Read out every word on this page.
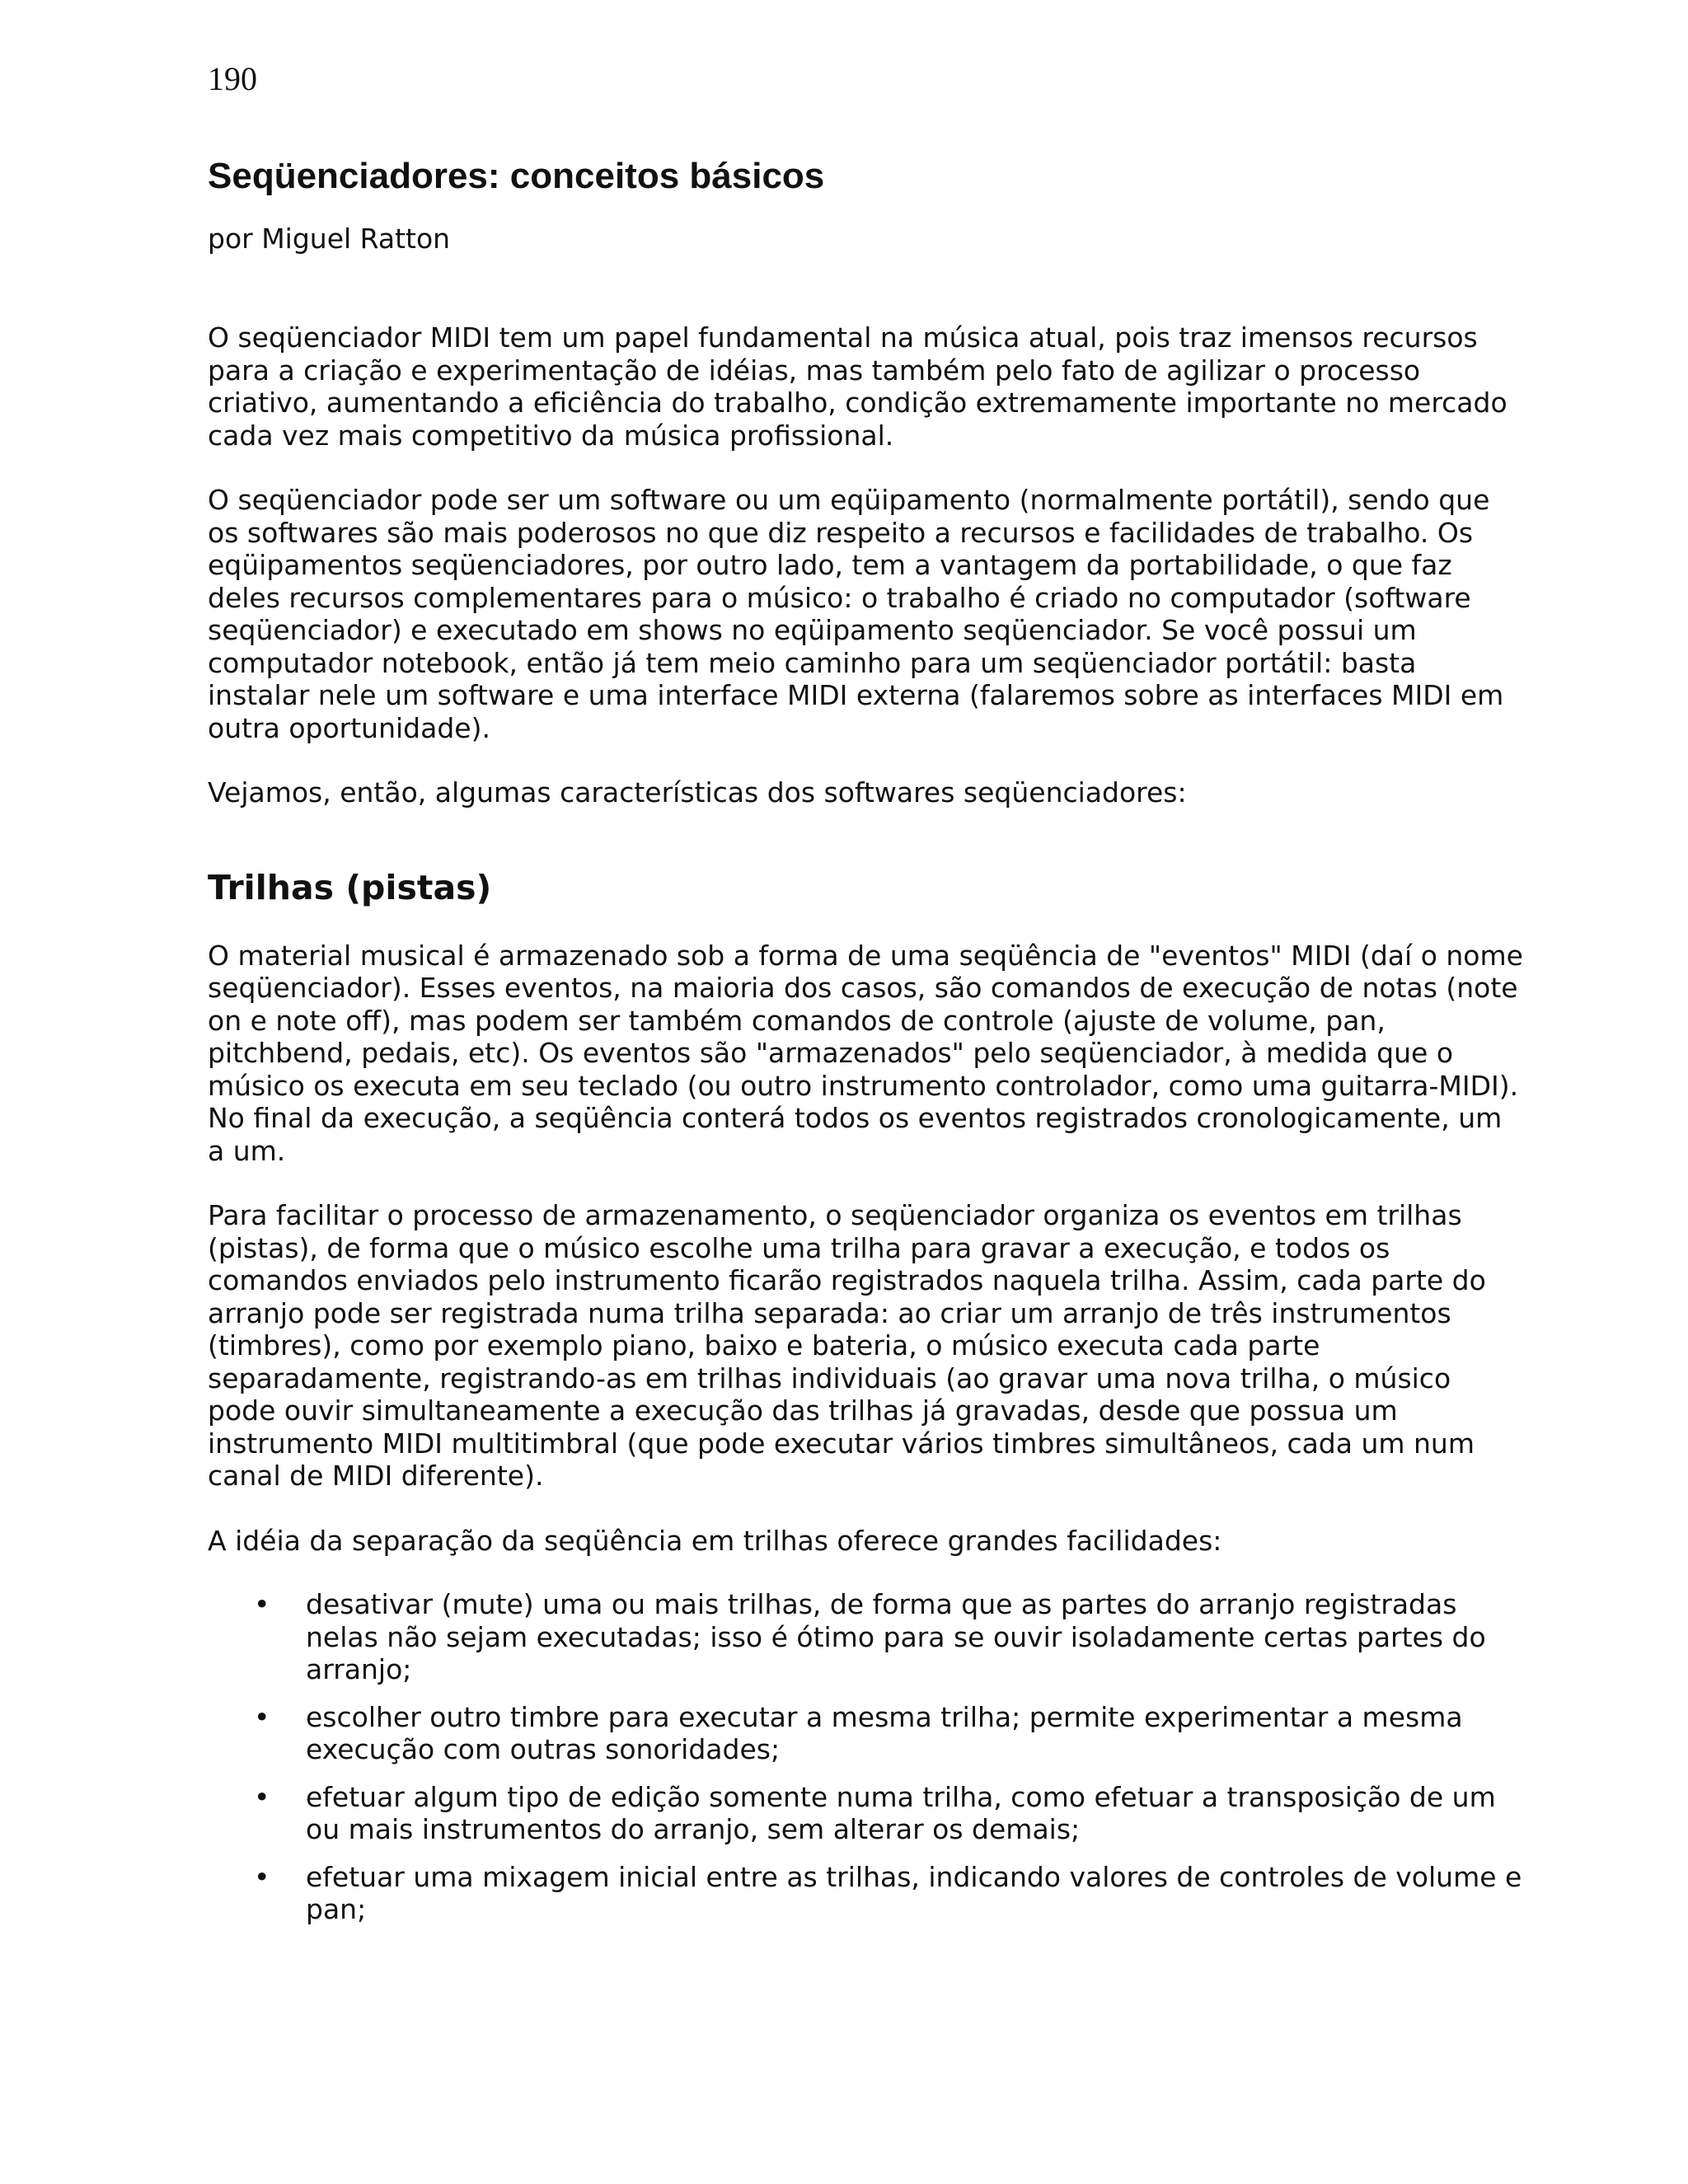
190

Seqüenciadores: conceitos básicos

por Miguel Ratton

O seqüenciador MIDI tem um papel fundamental na música atual, pois traz imensos recursos para a criação e experimentação de idéias, mas também pelo fato de agilizar o processo criativo, aumentando a eficiência do trabalho, condição extremamente importante no mercado cada vez mais competitivo da música profissional.

O seqüenciador pode ser um software ou um eqüipamento (normalmente portátil), sendo que os softwares são mais poderosos no que diz respeito a recursos e facilidades de trabalho. Os eqüipamentos seqüenciadores, por outro lado, tem a vantagem da portabilidade, o que faz deles recursos complementares para o músico: o trabalho é criado no computador (software seqüenciador) e executado em shows no eqüipamento seqüenciador. Se você possui um computador notebook, então já tem meio caminho para um seqüenciador portátil: basta instalar nele um software e uma interface MIDI externa (falaremos sobre as interfaces MIDI em outra oportunidade).

Vejamos, então, algumas características dos softwares seqüenciadores:

Trilhas (pistas)

O material musical é armazenado sob a forma de uma seqüência de "eventos" MIDI (daí o nome seqüenciador). Esses eventos, na maioria dos casos, são comandos de execução de notas (note on e note off), mas podem ser também comandos de controle (ajuste de volume, pan, pitchbend, pedais, etc). Os eventos são "armazenados" pelo seqüenciador, à medida que o músico os executa em seu teclado (ou outro instrumento controlador, como uma guitarra-MIDI). No final da execução, a seqüência conterá todos os eventos registrados cronologicamente, um a um.

Para facilitar o processo de armazenamento, o seqüenciador organiza os eventos em trilhas (pistas), de forma que o músico escolhe uma trilha para gravar a execução, e todos os comandos enviados pelo instrumento ficarão registrados naquela trilha. Assim, cada parte do arranjo pode ser registrada numa trilha separada: ao criar um arranjo de três instrumentos (timbres), como por exemplo piano, baixo e bateria, o músico executa cada parte separadamente, registrando-as em trilhas individuais (ao gravar uma nova trilha, o músico pode ouvir simultaneamente a execução das trilhas já gravadas, desde que possua um instrumento MIDI multitimbral (que pode executar vários timbres simultâneos, cada um num canal de MIDI diferente).

A idéia da separação da seqüência em trilhas oferece grandes facilidades:

• desativar (mute) uma ou mais trilhas, de forma que as partes do arranjo registradas nelas não sejam executadas; isso é ótimo para se ouvir isoladamente certas partes do arranjo;
• escolher outro timbre para executar a mesma trilha; permite experimentar a mesma execução com outras sonoridades;
• efetuar algum tipo de edição somente numa trilha, como efetuar a transposição de um ou mais instrumentos do arranjo, sem alterar os demais;
• efetuar uma mixagem inicial entre as trilhas, indicando valores de controles de volume e pan;
